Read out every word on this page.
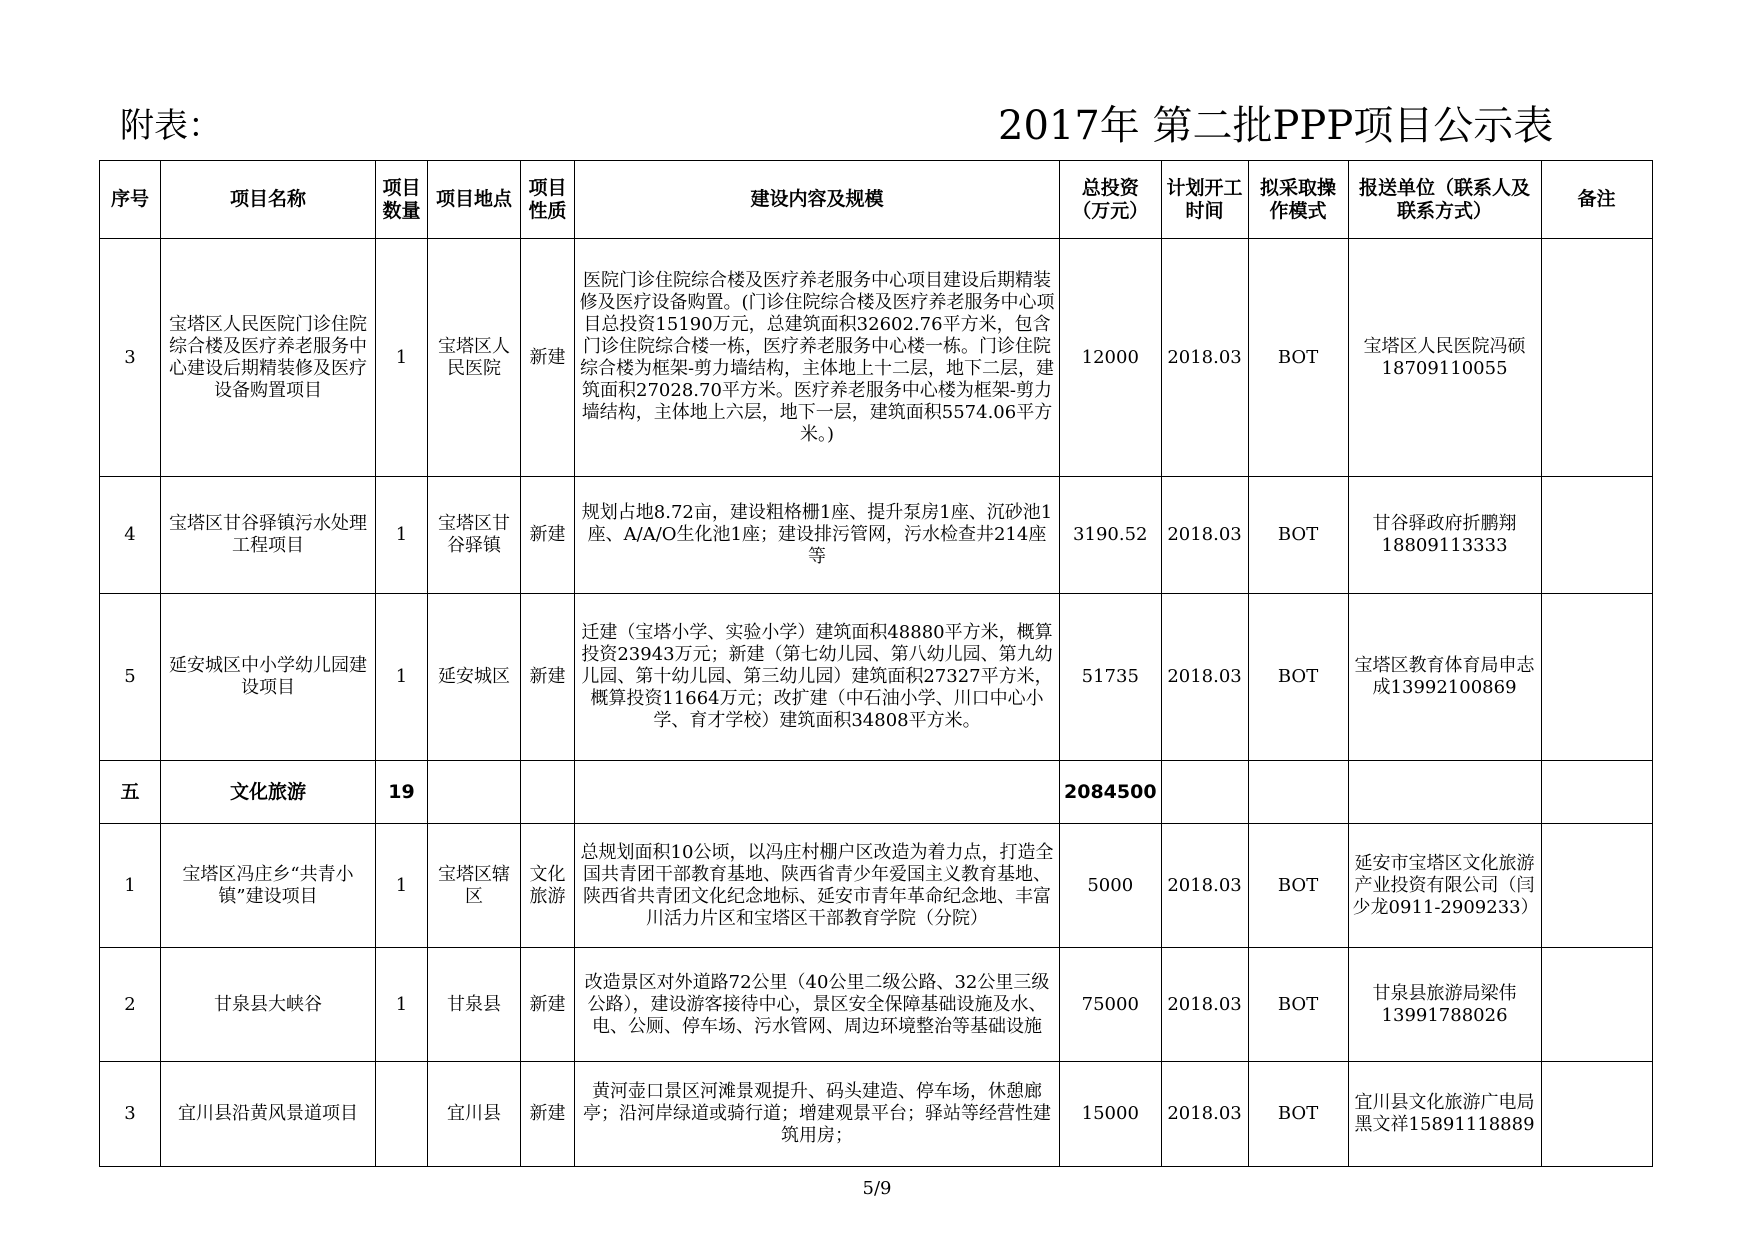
附表：	2017年 第二批PPP项目公示表
序号	项目名称	项目数量	项目地点	项目性质	建设内容及规模	总投资（万元）	计划开工时间	拟采取操作模式	报送单位（联系人及联系方式）	备注
3	宝塔区人民医院门诊住院综合楼及医疗养老服务中心建设后期精装修及医疗设备购置项目	1	宝塔区人民医院	新建	医院门诊住院综合楼及医疗养老服务中心项目建设后期精装修及医疗设备购置。(门诊住院综合楼及医疗养老服务中心项目总投资15190万元，总建筑面积32602.76平方米，包含门诊住院综合楼一栋，医疗养老服务中心楼一栋。门诊住院综合楼为框架-剪力墙结构，主体地上十二层，地下二层，建筑面积27028.70平方米。医疗养老服务中心楼为框架-剪力墙结构，主体地上六层，地下一层，建筑面积5574.06平方米。)	12000	2018.03	BOT	宝塔区人民医院冯硕　18709110055	
4	宝塔区甘谷驿镇污水处理工程项目	1	宝塔区甘谷驿镇	新建	规划占地8.72亩，建设粗格栅1座、提升泵房1座、沉砂池1座、A/A/O生化池1座；建设排污管网，污水检查井214座等	3190.52	2018.03	BOT	甘谷驿政府折鹏翔18809113333	
5	延安城区中小学幼儿园建设项目	1	延安城区	新建	迁建（宝塔小学、实验小学）建筑面积48880平方米，概算投资23943万元；新建（第七幼儿园、第八幼儿园、第九幼儿园、第十幼儿园、第三幼儿园）建筑面积27327平方米，概算投资11664万元；改扩建（中石油小学、川口中心小学、育才学校）建筑面积34808平方米。	51735	2018.03	BOT	宝塔区教育体育局申志成13992100869	
五	文化旅游	19				2084500				
1	宝塔区冯庄乡“共青小镇”建设项目	1	宝塔区辖区	文化旅游	总规划面积10公顷，以冯庄村棚户区改造为着力点，打造全国共青团干部教育基地、陕西省青少年爱国主义教育基地、陕西省共青团文化纪念地标、延安市青年革命纪念地、丰富川活力片区和宝塔区干部教育学院（分院）	5000	2018.03	BOT	延安市宝塔区文化旅游产业投资有限公司（闫少龙0911-2909233）	
2	甘泉县大峡谷	1	甘泉县	新建	改造景区对外道路72公里（40公里二级公路、32公里三级公路），建设游客接待中心，景区安全保障基础设施及水、电、公厕、停车场、污水管网、周边环境整治等基础设施	75000	2018.03	BOT	甘泉县旅游局梁伟13991788026	
3	宜川县沿黄风景道项目		宜川县	新建	黄河壶口景区河滩景观提升、码头建造、停车场，休憩廊亭；沿河岸绿道或骑行道；增建观景平台；驿站等经营性建筑用房；	15000	2018.03	BOT	宜川县文化旅游广电局黑文祥15891118889	
5/9
